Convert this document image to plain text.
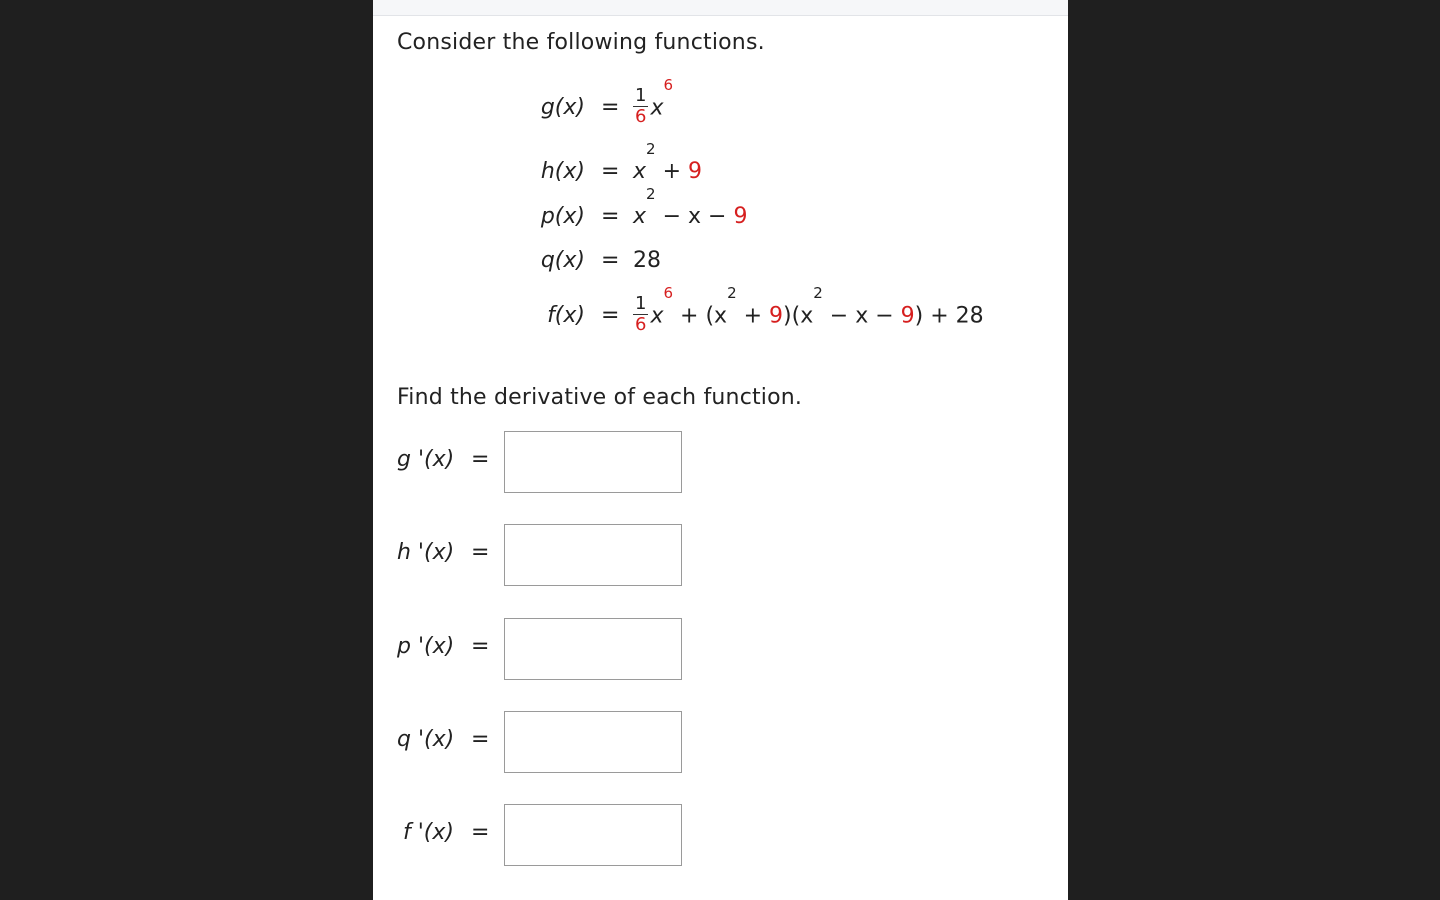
Consider the following functions.
$g(x) = \frac{1}{6} x^6$
$h(x) = x^2 + 9$
$p(x) = x^2 - x - 9$
q(x) = 28
$f(x) = \frac{1}{6} x^6 + (x^2 + 9)(x^2 - x - 9) + 28$
Find the derivative of each function.
g '(x) =
h '(x) =
p '(x) =
q '(x) =
f '(x) =
